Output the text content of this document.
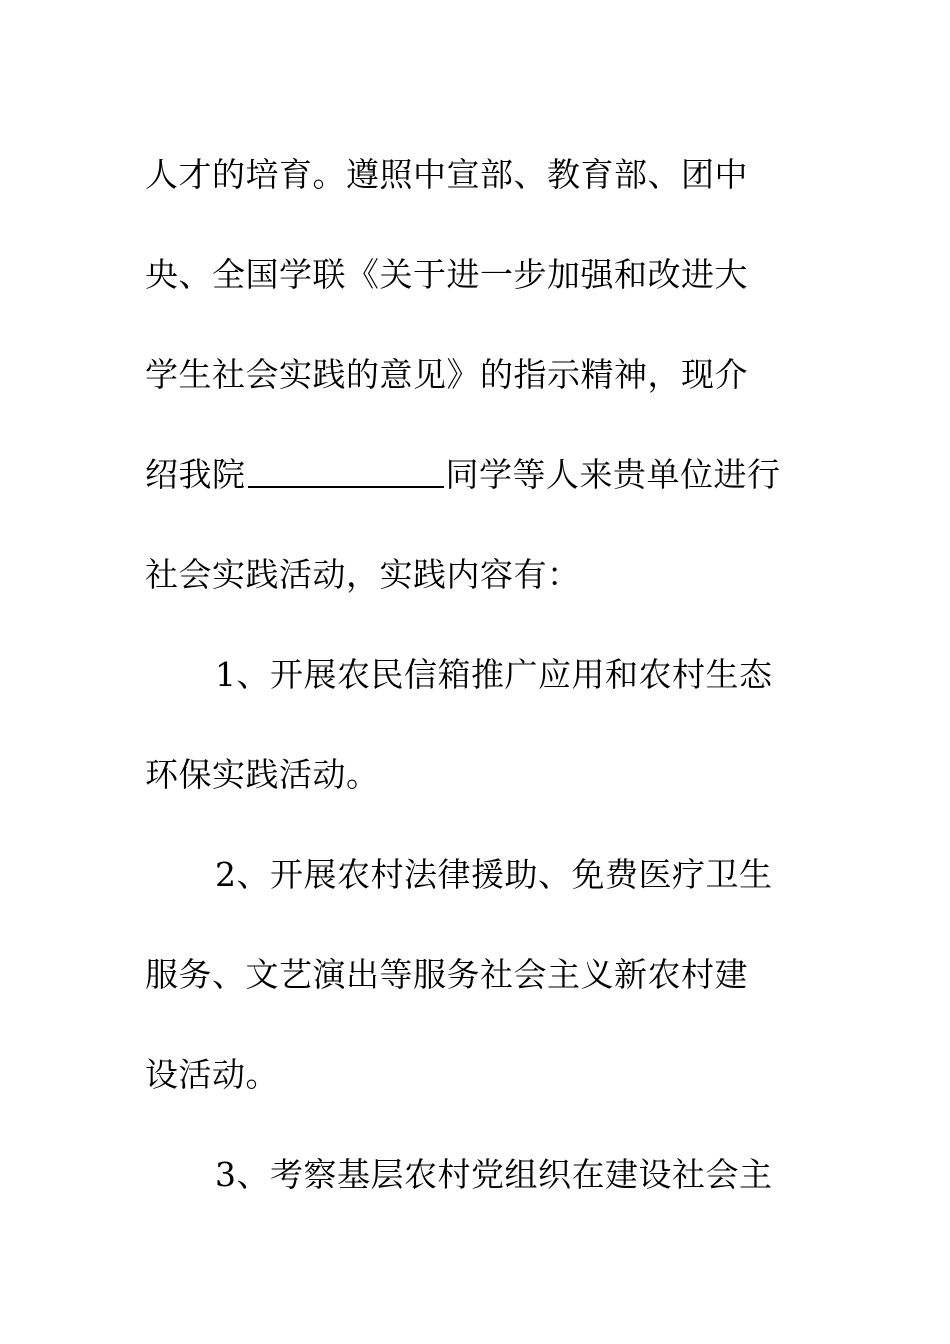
人才的培育。遵照中宣部、教育部、团中
央、全国学联《关于进一步加强和改进大
学生社会实践的意见》的指示精神，现介
绍我院	同学等人来贵单位进行
社会实践活动，实践内容有：
1、开展农民信箱推广应用和农村生态
环保实践活动。
2、开展农村法律援助、免费医疗卫生
服务、文艺演出等服务社会主义新农村建
设活动。
3、考察基层农村党组织在建设社会主
